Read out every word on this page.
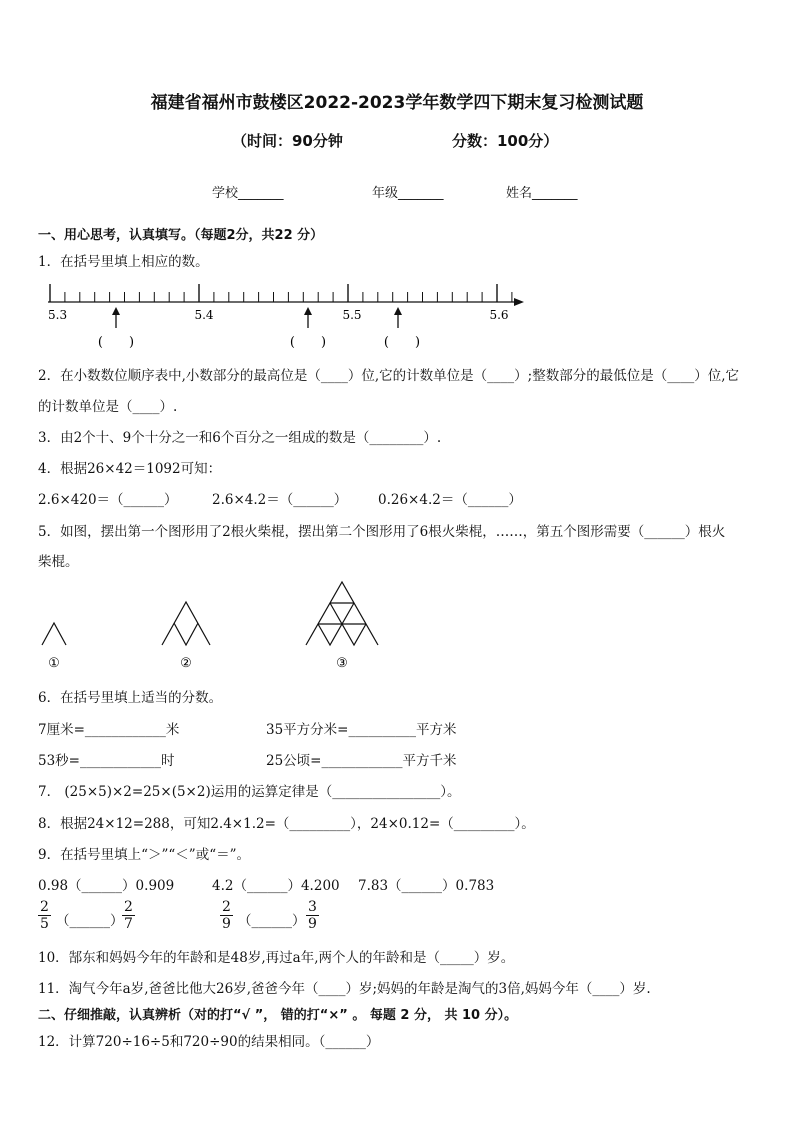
福建省福州市鼓楼区2022-2023学年数学四下期末复习检测试题
（时间：90分钟	分数：100分）
学校_______	年级_______	姓名_______
一、用心思考，认真填写。（每题2分，共22 分）
1．在括号里填上相应的数。
5.3	5.4	5.5	5.6
(　　)	(　　)	(　　)
2．在小数数位顺序表中,小数部分的最高位是（____）位,它的计数单位是（____）;整数部分的最低位是（____）位,它
的计数单位是（____）.
3．由2个十、9个十分之一和6个百分之一组成的数是（________）.
4．根据26×42＝1092可知：
2.6×420＝（______）	2.6×4.2＝（______） 0.26×4.2＝（______）
5．如图，摆出第一个图形用了2根火柴棍，摆出第二个图形用了6根火柴棍，……，第五个图形需要（______）根火
柴棍。
①	②	③
6．在括号里填上适当的分数。
7厘米=____________米	35平方分米=__________平方米
53秒=____________时	25公顷=____________平方千米
7． (25×5)×2=25×(5×2)运用的运算定律是（________________）。
8．根据24×12=288，可知2.4×1.2=（_________），24×0.12=（_________）。
9．在括号里填上“＞”“＜”或“＝”。
0.98（______）0.909	4.2（______）4.200 7.83（______）0.783
$\frac{2}{5}$ （______）
$\frac{2}{7}$	$\frac{2}{9}$ （______） $\frac{3}{9}$
10．郜东和妈妈今年的年龄和是48岁,再过a年,两个人的年龄和是（_____）岁。
11．淘气今年a岁,爸爸比他大26岁,爸爸今年（____）岁;妈妈的年龄是淘气的3倍,妈妈今年（____）岁.
二、仔细推敲，认真辨析（对的打“√ ”， 错的打“×” 。 每题 2 分， 共 10 分）。
12．计算720÷16÷5和720÷90的结果相同。（______）
